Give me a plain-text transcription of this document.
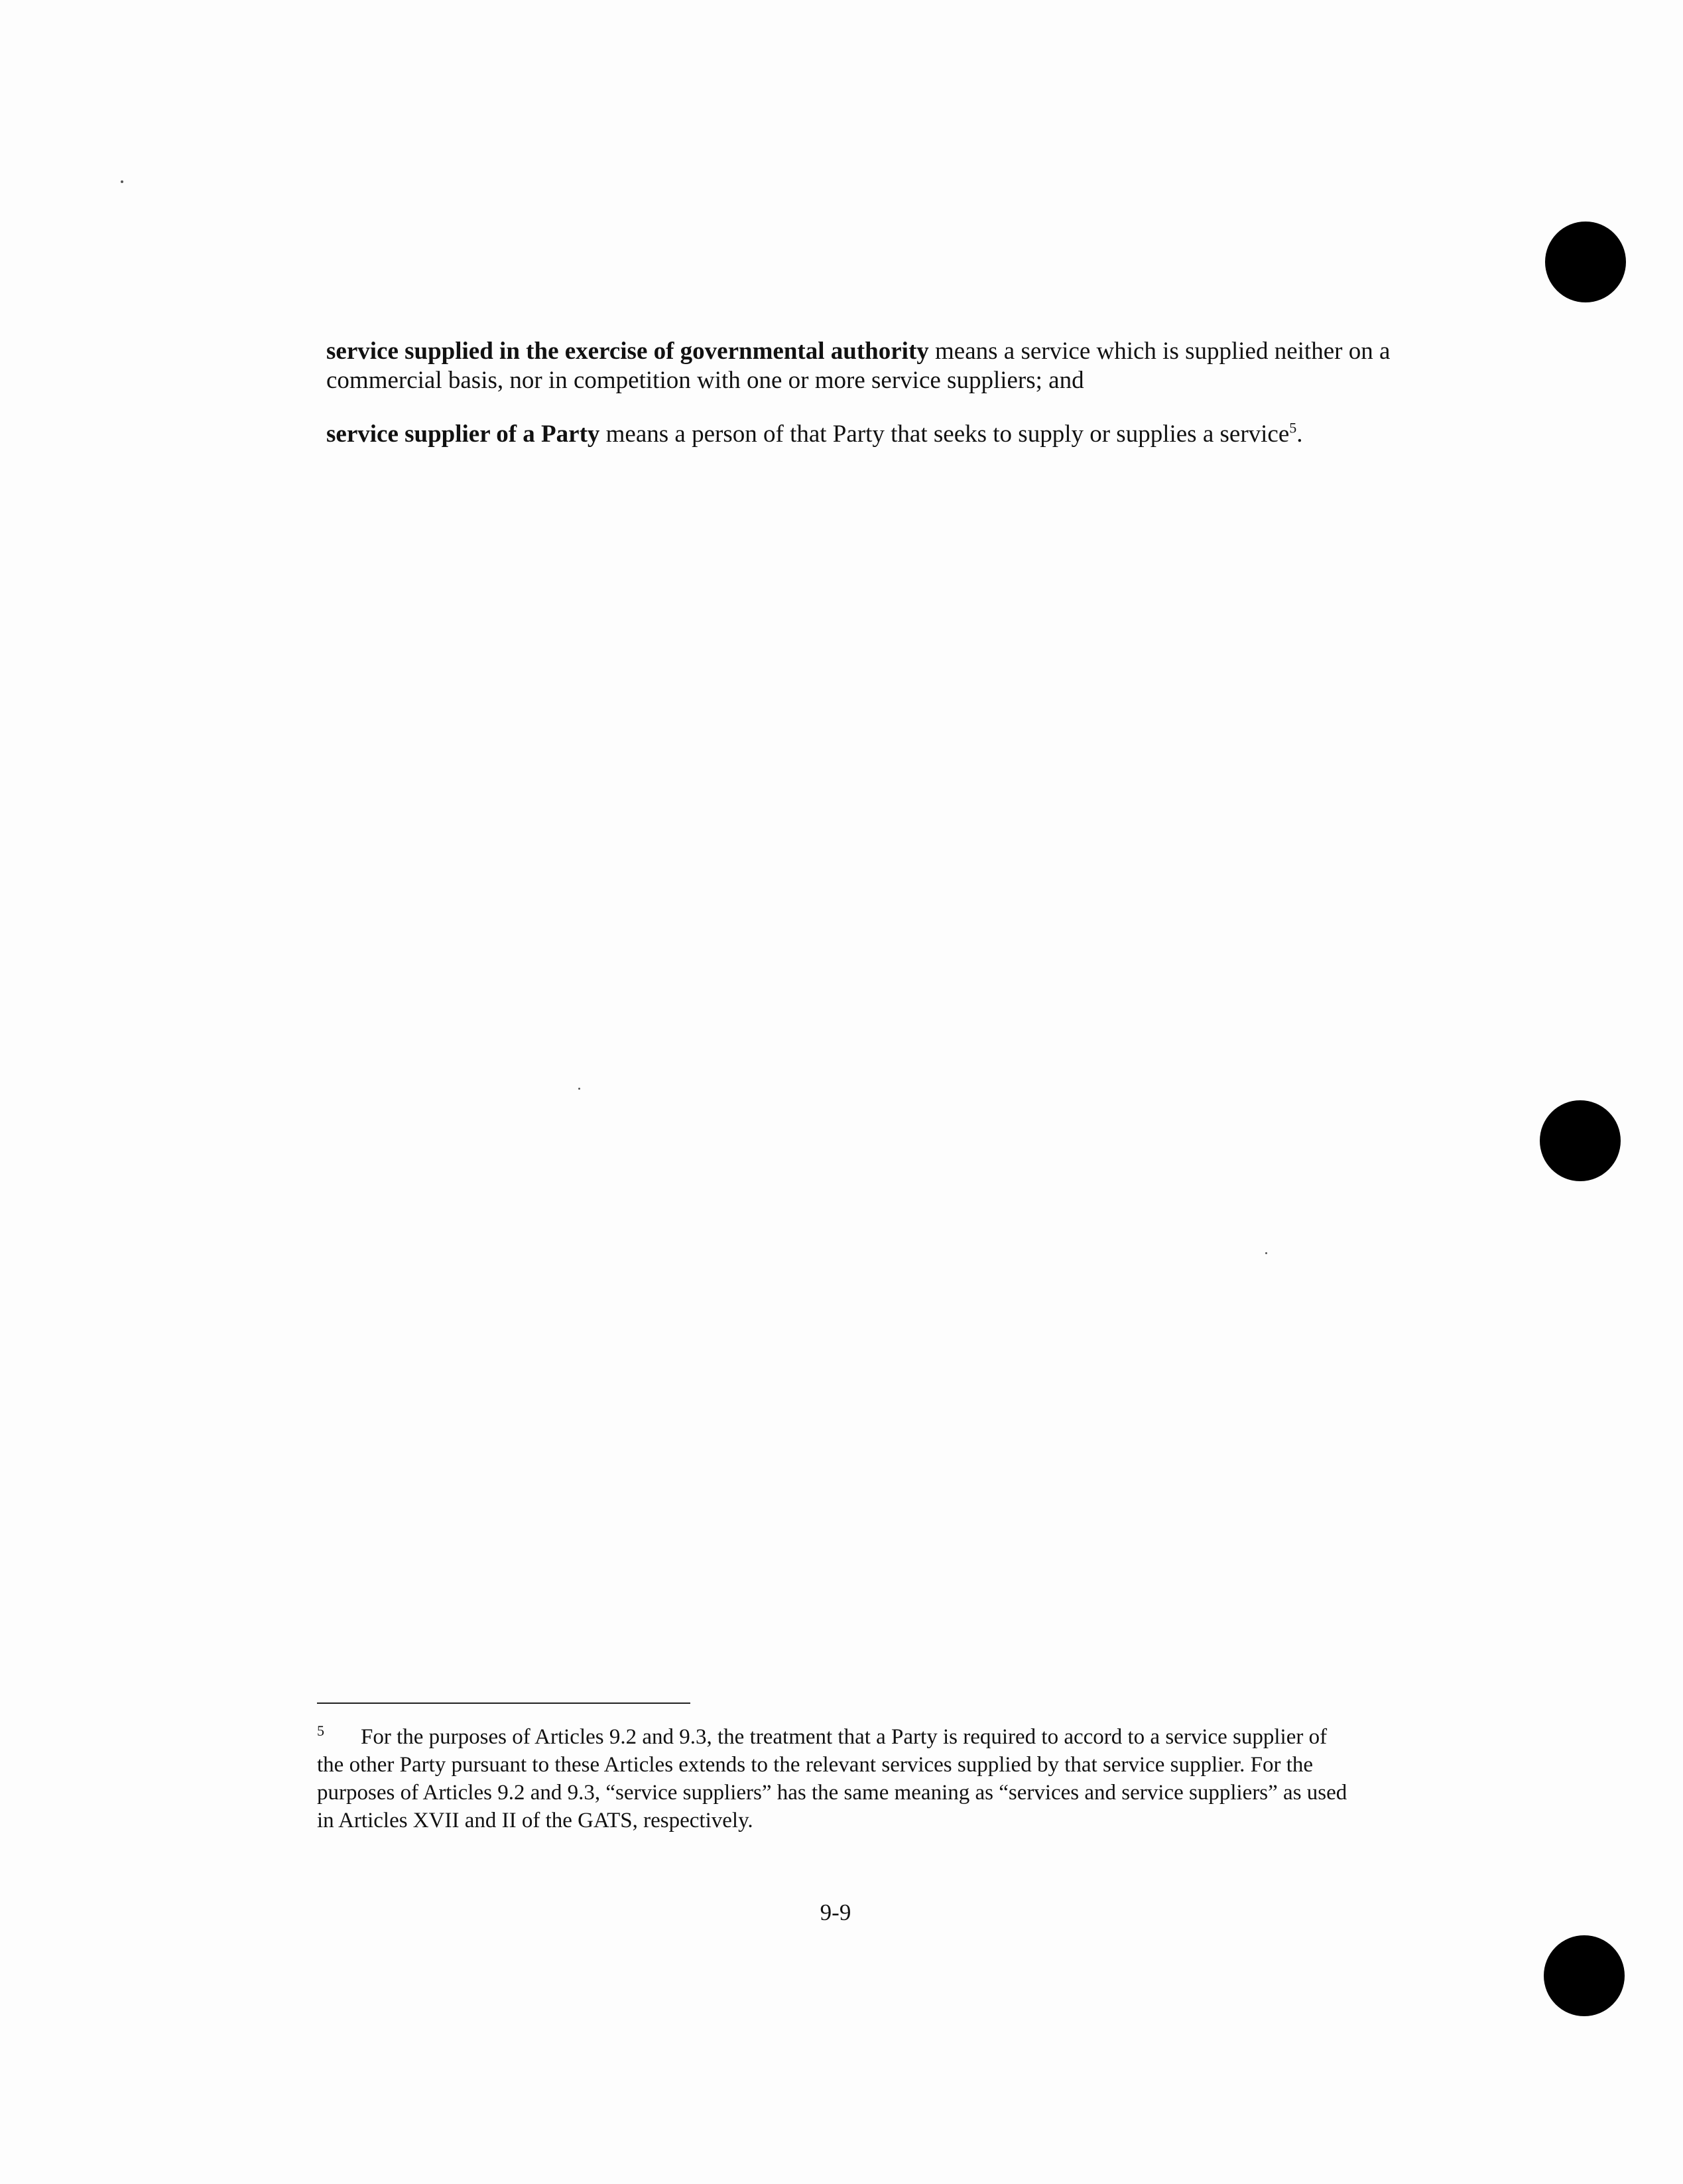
service supplied in the exercise of governmental authority means a service which is supplied neither on a commercial basis, nor in competition with one or more service suppliers; and

service supplier of a Party means a person of that Party that seeks to supply or supplies a service$^5$.

5 For the purposes of Articles 9.2 and 9.3, the treatment that a Party is required to accord to a service supplier of the other Party pursuant to these Articles extends to the relevant services supplied by that service supplier. For the purposes of Articles 9.2 and 9.3, “service suppliers” has the same meaning as “services and service suppliers” as used in Articles XVII and II of the GATS, respectively.

9-9
